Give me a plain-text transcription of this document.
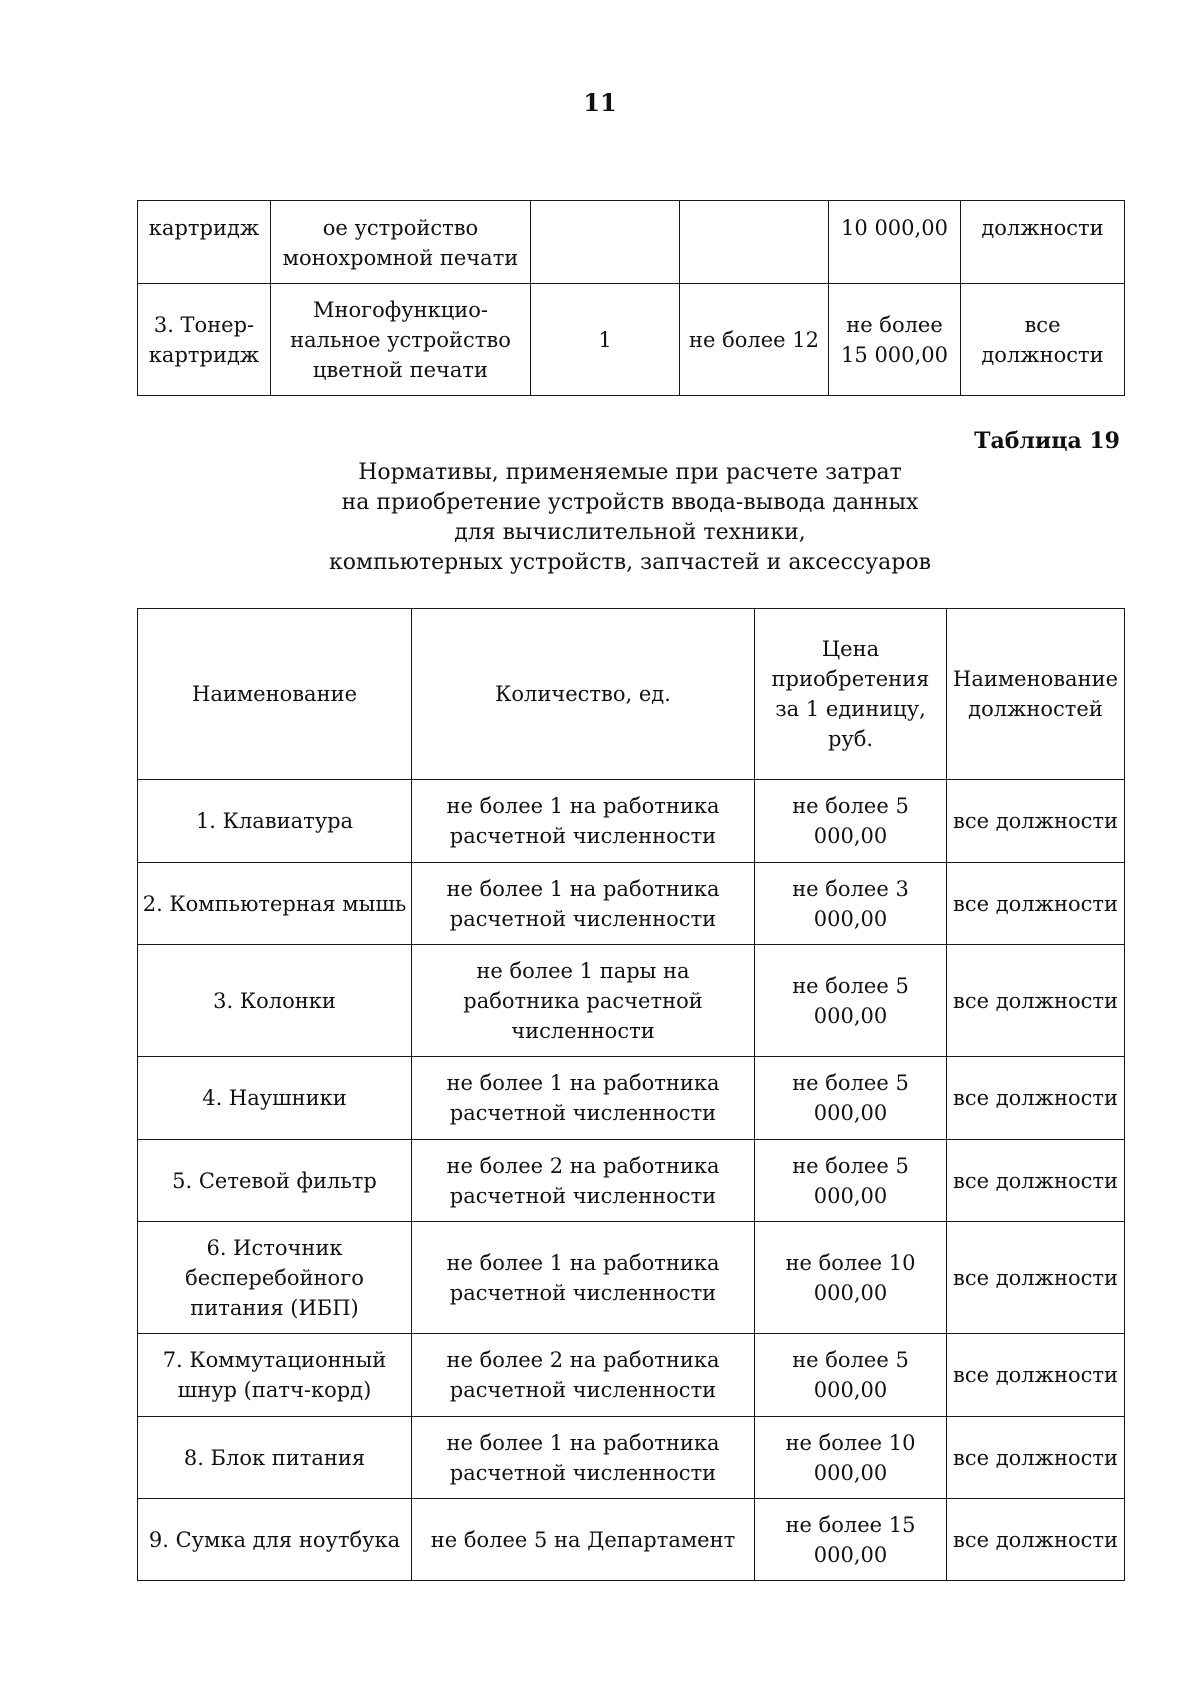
11
картридж	ое устройство монохромной печати			10 000,00	должности
3. Тонер-картридж	Многофункцио-нальное устройство цветной печати	1	не более 12	не более 15 000,00	все должности
Таблица 19
Нормативы, применяемые при расчете затрат
на приобретение устройств ввода-вывода данных
для вычислительной техники,
компьютерных устройств, запчастей и аксессуаров
Наименование	Количество, ед.	Цена приобретения за 1 единицу, руб.	Наименование должностей
1. Клавиатура	не более 1 на работника расчетной численности	не более 5 000,00	все должности
2. Компьютерная мышь	не более 1 на работника расчетной численности	не более 3 000,00	все должности
3. Колонки	не более 1 пары на работника расчетной численности	не более 5 000,00	все должности
4. Наушники	не более 1 на работника расчетной численности	не более 5 000,00	все должности
5. Сетевой фильтр	не более 2 на работника расчетной численности	не более 5 000,00	все должности
6. Источник бесперебойного питания (ИБП)	не более 1 на работника расчетной численности	не более 10 000,00	все должности
7. Коммутационный шнур (патч-корд)	не более 2 на работника расчетной численности	не более 5 000,00	все должности
8. Блок питания	не более 1 на работника расчетной численности	не более 10 000,00	все должности
9. Сумка для ноутбука	не более 5 на Департамент	не более 15 000,00	все должности
